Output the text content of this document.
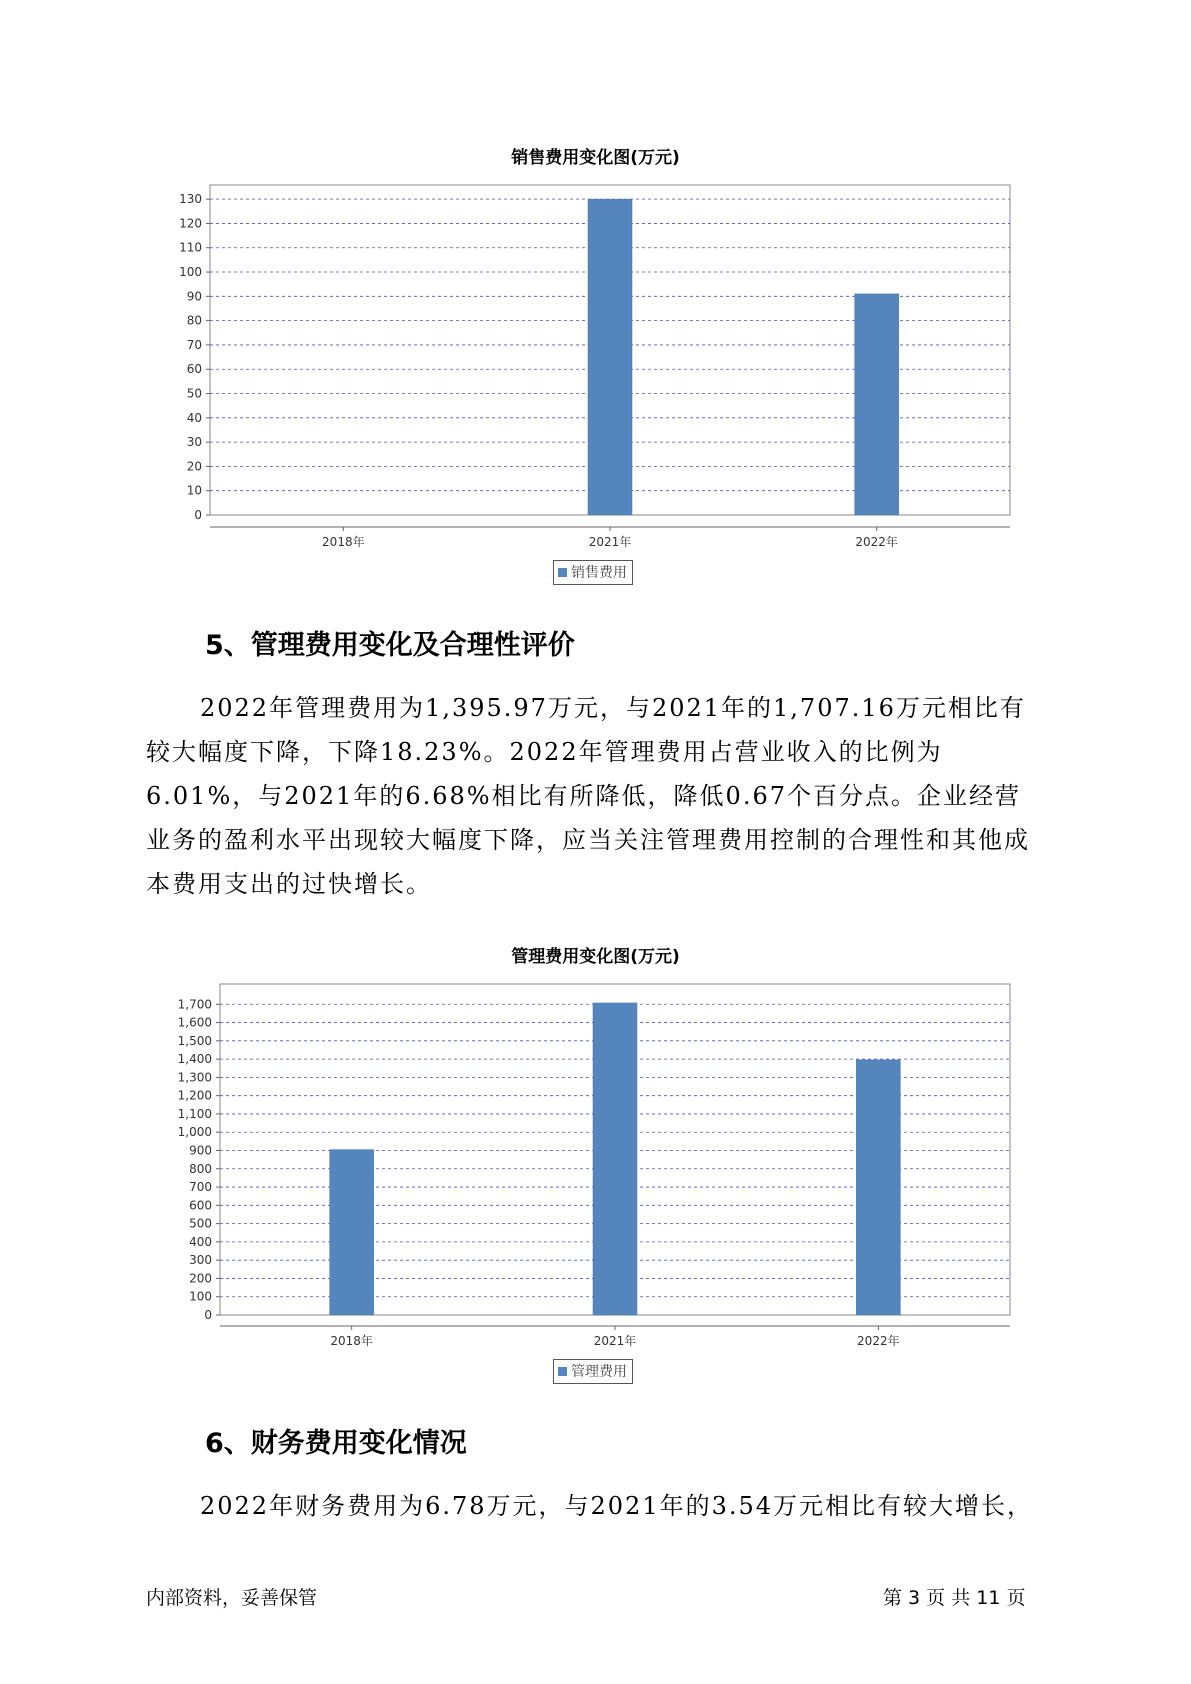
销售费用变化图(万元)
0
10
20
30
40
50
60
70
80
90
100
110
120
130
2018年	2021年	2022年
销售费用
5、管理费用变化及合理性评价
2022年管理费用为1,395.97万元，与2021年的1,707.16万元相比有较大幅度下降，下降18.23%。2022年管理费用占营业收入的比例为6.01%，与2021年的6.68%相比有所降低，降低0.67个百分点。企业经营业务的盈利水平出现较大幅度下降，应当关注管理费用控制的合理性和其他成本费用支出的过快增长。
管理费用变化图(万元)
0
100
200
300
400
500
600
700
800
900
1,000
1,100
1,200
1,300
1,400
1,500
1,600
1,700
2018年	2021年	2022年
管理费用
6、财务费用变化情况
2022年财务费用为6.78万元，与2021年的3.54万元相比有较大增长，
内部资料，妥善保管	第 3 页 共 11 页
